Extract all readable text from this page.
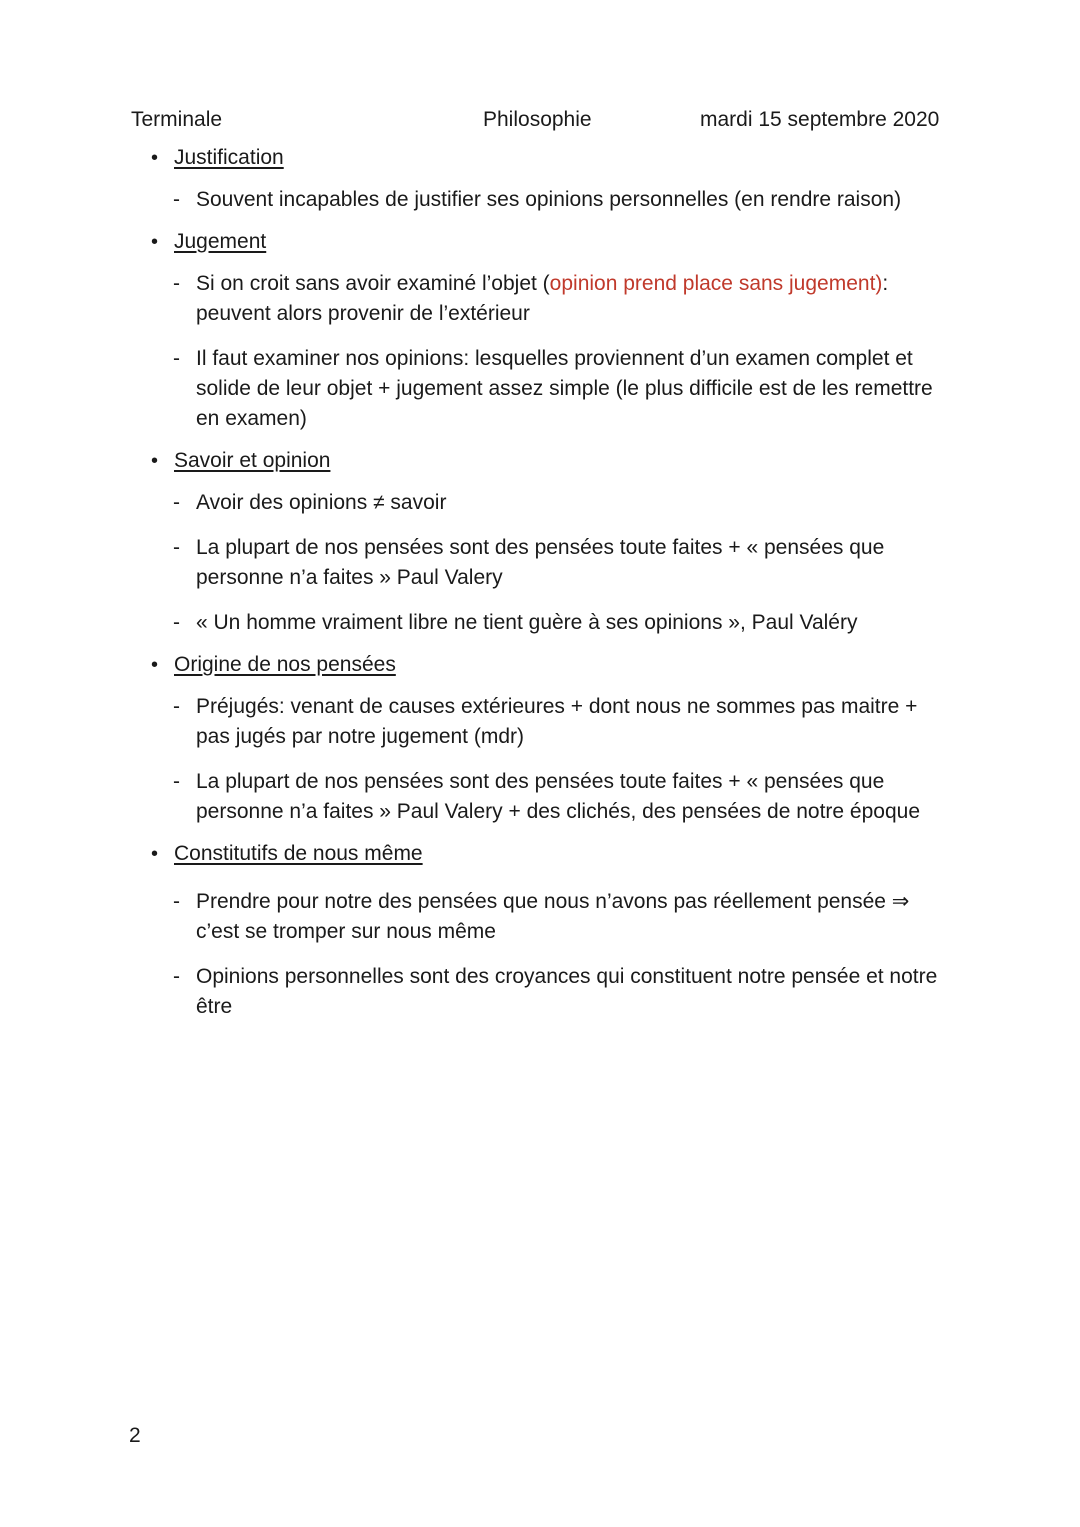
Terminale	Philosophie	mardi 15 septembre 2020
• Justification
- Souvent incapables de justifier ses opinions personnelles (en rendre raison)
• Jugement
- Si on croit sans avoir examiné l’objet (opinion prend place sans jugement):
peuvent alors provenir de l’extérieur
- Il faut examiner nos opinions: lesquelles proviennent d’un examen complet et solide de leur objet + jugement assez simple (le plus difficile est de les remettre en examen)
• Savoir et opinion
- Avoir des opinions ≠ savoir
- La plupart de nos pensées sont des pensées toute faites + « pensées que personne n’a faites » Paul Valery
- « Un homme vraiment libre ne tient guère à ses opinions », Paul Valéry
• Origine de nos pensées
- Préjugés: venant de causes extérieures + dont nous ne sommes pas maitre + pas jugés par notre jugement (mdr)
- La plupart de nos pensées sont des pensées toute faites + « pensées que personne n’a faites » Paul Valery + des clichés, des pensées de notre époque
• Constitutifs de nous même
- Prendre pour notre des pensées que nous n’avons pas réellement pensée ⇒ c’est se tromper sur nous même
- Opinions personnelles sont des croyances qui constituent notre pensée et notre être
2
